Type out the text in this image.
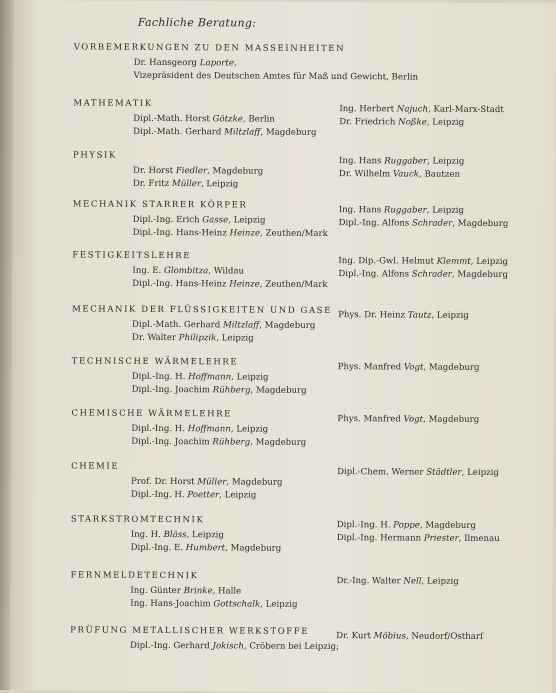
Fachliche Beratung:
VORBEMERKUNGEN ZU DEN MASSEINHEITEN
Dr. Hansgeorg Laporte,
Vizepräsident des Deutschen Amtes für Maß und Gewicht, Berlin
MATHEMATIK
Dipl.-Math. Horst Götzke, Berlin
Dipl.-Math. Gerhard Miltzlaff, Magdeburg
Ing. Herbert Najuch, Karl-Marx-Stadt
Dr. Friedrich Noßke, Leipzig
PHYSIK
Dr. Horst Fiedler, Magdeburg
Dr. Fritz Müller, Leipzig
Ing. Hans Ruggaber, Leipzig
Dr. Wilhelm Vauck, Bautzen
MECHANIK STARRER KÖRPER
Dipl.-Ing. Erich Gasse, Leipzig
Dipl.-Ing. Hans-Heinz Heinze, Zeuthen/Mark
Ing. Hans Ruggaber, Leipzig
Dipl.-Ing. Alfons Schrader, Magdeburg
FESTIGKEITSLEHRE
Ing. E. Glombitza, Wildau
Dipl.-Ing. Hans-Heinz Heinze, Zeuthen/Mark
Ing. Dip.-Gwl. Helmut Klemmt, Leipzig
Dipl.-Ing. Alfons Schrader, Magdeburg
MECHANIK DER FLÜSSIGKEITEN UND GASE
Dipl.-Math. Gerhard Miltzlaff, Magdeburg
Dr. Walter Philipzik, Leipzig
Phys. Dr. Heinz Tautz, Leipzig
TECHNISCHE WÄRMELEHRE
Dipl.-Ing. H. Hoffmann, Leipzig
Dipl.-Ing. Joachim Rühberg, Magdeburg
Phys. Manfred Vogt, Magdeburg
CHEMISCHE WÄRMELEHRE
Dipl.-Ing. H. Hoffmann, Leipzig
Dipl.-Ing. Joachim Rühberg, Magdeburg
Phys. Manfred Vogt, Magdeburg
CHEMIE
Prof. Dr. Horst Müller, Magdeburg
Dipl.-Ing. H. Poetter, Leipzig
Dipl.-Chem. Werner Städtler, Leipzig
STARKSTROMTECHNIK
Ing. H. Bläss, Leipzig
Dipl.-Ing. E. Humbert, Magdeburg
Dipl.-Ing. H. Poppe, Magdeburg
Dipl.-Ing. Hermann Priester, Ilmenau
FERNMELDETECHNIK
Ing. Günter Brinke, Halle
Ing. Hans-Joachim Gottschalk, Leipzig
Dr.-Ing. Walter Nell, Leipzig
PRÜFUNG METALLISCHER WERKSTOFFE
Dipl.-Ing. Gerhard Jokisch, Cröbern bei Leipzig;
Dr. Kurt Möbius, Neudorf/Ostharſ
